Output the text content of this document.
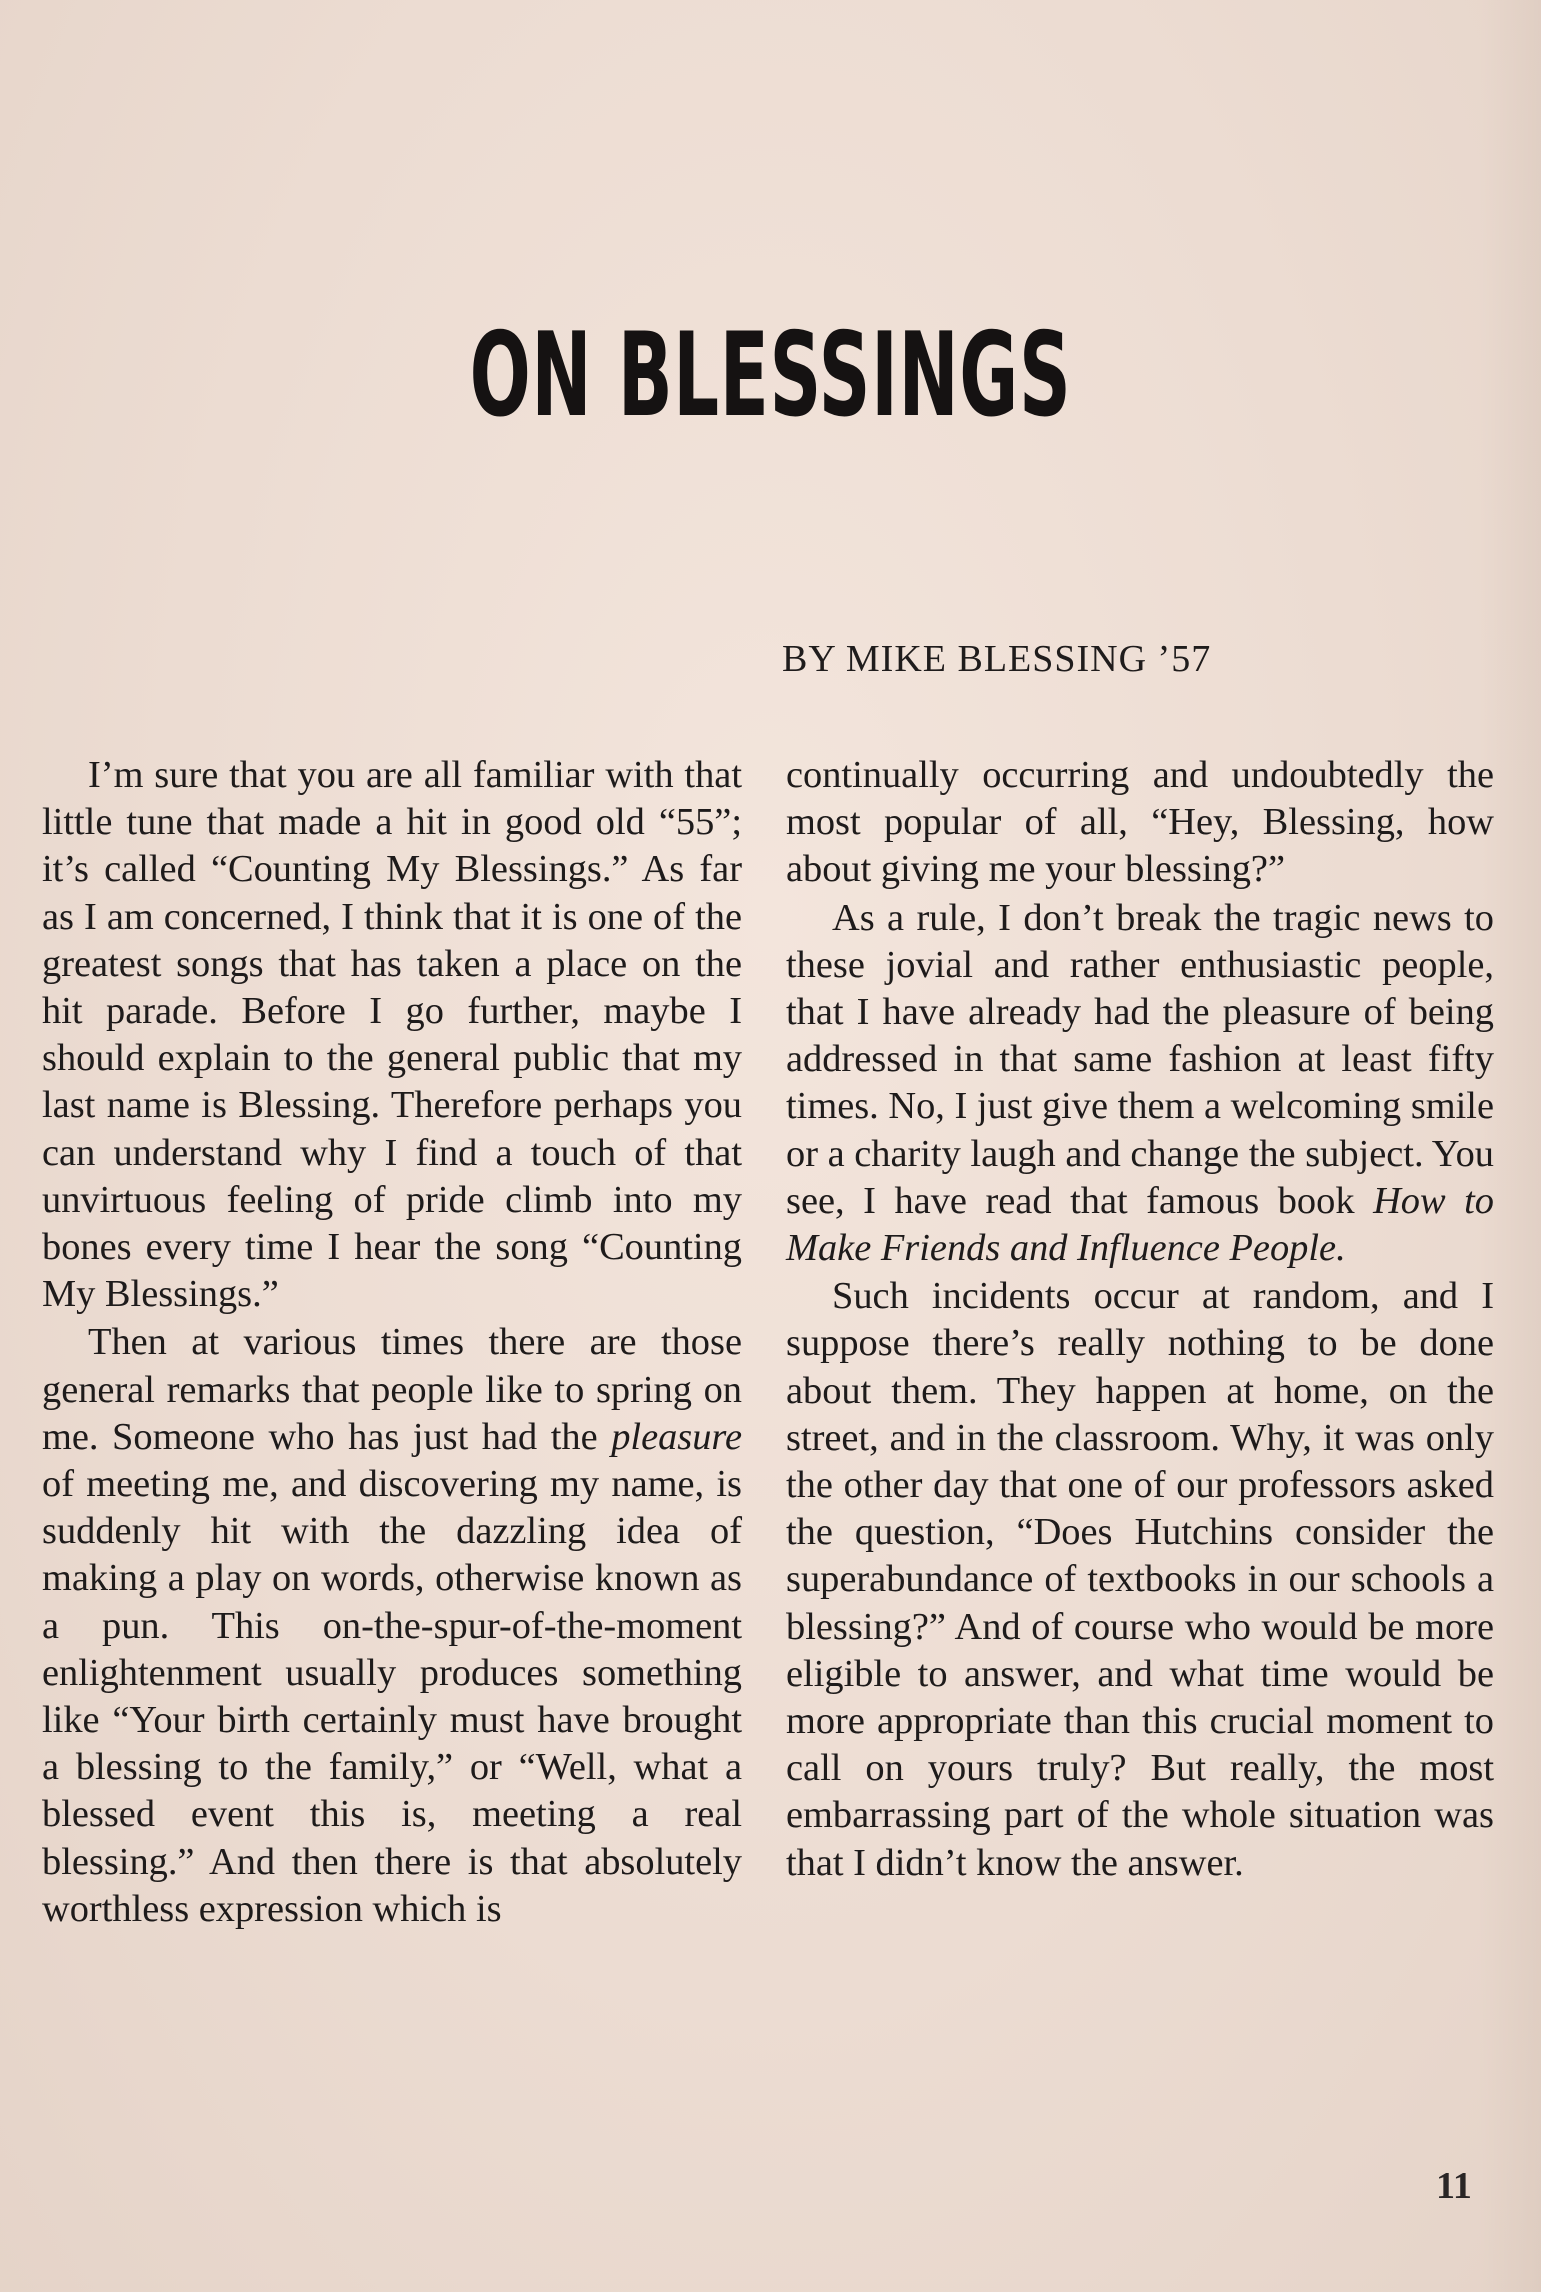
ON BLESSINGS
BY MIKE BLESSING ’57

I’m sure that you are all familiar with that little tune that made a hit in good old “55”; it’s called “Counting My Blessings.” As far as I am concerned, I think that it is one of the greatest songs that has taken a place on the hit parade. Before I go further, maybe I should explain to the general public that my last name is Blessing. Therefore perhaps you can understand why I find a touch of that unvirtuous feeling of pride climb into my bones every time I hear the song “Counting My Blessings.”

Then at various times there are those general remarks that people like to spring on me. Someone who has just had the pleasure of meeting me, and discovering my name, is suddenly hit with the dazzling idea of making a play on words, otherwise known as a pun. This on-the-spur-of-the-moment enlightenment usually produces something like “Your birth certainly must have brought a blessing to the family,” or “Well, what a blessed event this is, meeting a real blessing.” And then there is that absolutely worthless expression which is

continually occurring and undoubtedly the most popular of all, “Hey, Blessing, how about giving me your blessing?”

As a rule, I don’t break the tragic news to these jovial and rather enthusiastic people, that I have already had the pleasure of being addressed in that same fashion at least fifty times. No, I just give them a welcoming smile or a charity laugh and change the subject. You see, I have read that famous book How to Make Friends and Influence People.

Such incidents occur at random, and I suppose there’s really nothing to be done about them. They happen at home, on the street, and in the classroom. Why, it was only the other day that one of our professors asked the question, “Does Hutchins consider the superabundance of textbooks in our schools a blessing?” And of course who would be more eligible to answer, and what time would be more appropriate than this crucial moment to call on yours truly? But really, the most embarrassing part of the whole situation was that I didn’t know the answer.

11
